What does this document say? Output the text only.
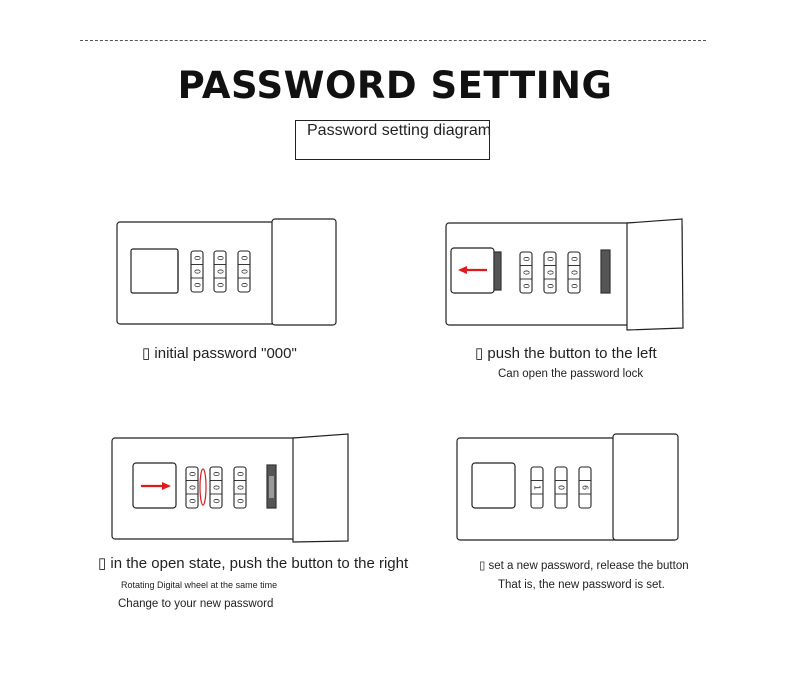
PASSWORD SETTING
Password setting diagram
0
0
0
0
0
0
0
0
0
0
0
0
0
0
0
0
0
0
0
0
0
0
0
0
0
0
0
1 0 6
▯ initial password "000"	▯ push the button to the left
Can open the password lock
▯ in the open state, push the button to the right
Rotating Digital wheel at the same time
Change to your new password
▯ set a new password, release the button
That is, the new password is set.
